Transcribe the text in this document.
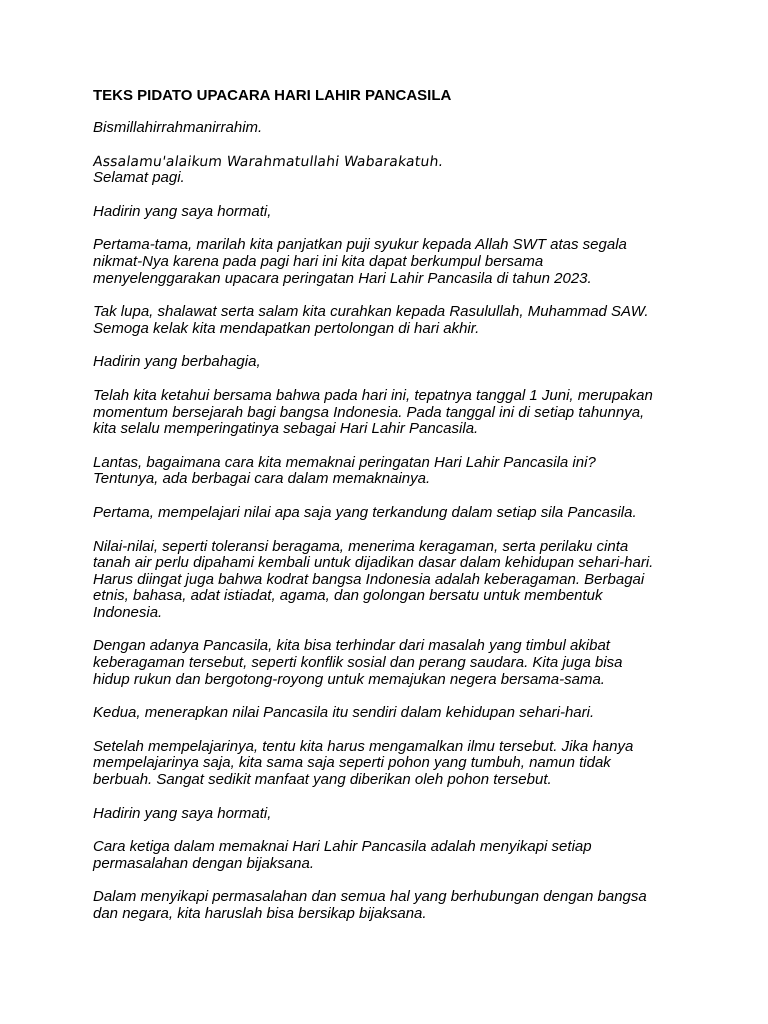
TEKS PIDATO UPACARA HARI LAHIR PANCASILA
Bismillahirrahmanirrahim.
Assalamu'alaikum Warahmatullahi Wabarakatuh.
Selamat pagi.
Hadirin yang saya hormati,
Pertama-tama, marilah kita panjatkan puji syukur kepada Allah SWT atas segala
nikmat-Nya karena pada pagi hari ini kita dapat berkumpul bersama
menyelenggarakan upacara peringatan Hari Lahir Pancasila di tahun 2023.
Tak lupa, shalawat serta salam kita curahkan kepada Rasulullah, Muhammad SAW.
Semoga kelak kita mendapatkan pertolongan di hari akhir.
Hadirin yang berbahagia,
Telah kita ketahui bersama bahwa pada hari ini, tepatnya tanggal 1 Juni, merupakan
momentum bersejarah bagi bangsa Indonesia. Pada tanggal ini di setiap tahunnya,
kita selalu memperingatinya sebagai Hari Lahir Pancasila.
Lantas, bagaimana cara kita memaknai peringatan Hari Lahir Pancasila ini?
Tentunya, ada berbagai cara dalam memaknainya.
Pertama, mempelajari nilai apa saja yang terkandung dalam setiap sila Pancasila.
Nilai-nilai, seperti toleransi beragama, menerima keragaman, serta perilaku cinta
tanah air perlu dipahami kembali untuk dijadikan dasar dalam kehidupan sehari-hari.
Harus diingat juga bahwa kodrat bangsa Indonesia adalah keberagaman. Berbagai
etnis, bahasa, adat istiadat, agama, dan golongan bersatu untuk membentuk
Indonesia.
Dengan adanya Pancasila, kita bisa terhindar dari masalah yang timbul akibat
keberagaman tersebut, seperti konflik sosial dan perang saudara. Kita juga bisa
hidup rukun dan bergotong-royong untuk memajukan negera bersama-sama.
Kedua, menerapkan nilai Pancasila itu sendiri dalam kehidupan sehari-hari.
Setelah mempelajarinya, tentu kita harus mengamalkan ilmu tersebut. Jika hanya
mempelajarinya saja, kita sama saja seperti pohon yang tumbuh, namun tidak
berbuah. Sangat sedikit manfaat yang diberikan oleh pohon tersebut.
Hadirin yang saya hormati,
Cara ketiga dalam memaknai Hari Lahir Pancasila adalah menyikapi setiap
permasalahan dengan bijaksana.
Dalam menyikapi permasalahan dan semua hal yang berhubungan dengan bangsa
dan negara, kita haruslah bisa bersikap bijaksana.
